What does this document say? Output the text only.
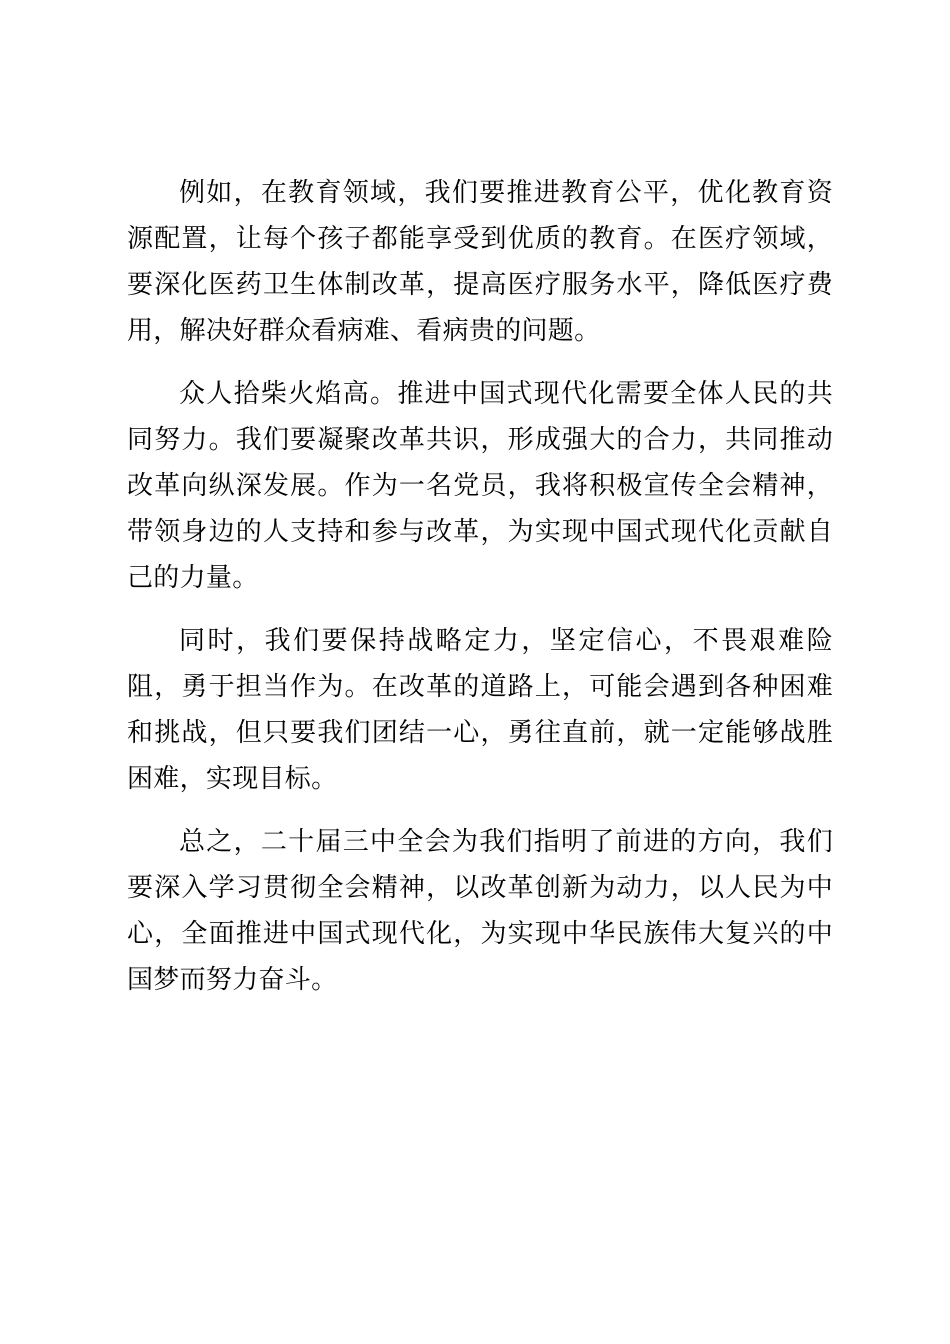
例如，在教育领域，我们要推进教育公平，优化教育资源配置，让每个孩子都能享受到优质的教育。在医疗领域，要深化医药卫生体制改革，提高医疗服务水平，降低医疗费用，解决好群众看病难、看病贵的问题。

众人拾柴火焰高。推进中国式现代化需要全体人民的共同努力。我们要凝聚改革共识，形成强大的合力，共同推动改革向纵深发展。作为一名党员，我将积极宣传全会精神，带领身边的人支持和参与改革，为实现中国式现代化贡献自己的力量。

同时，我们要保持战略定力，坚定信心，不畏艰难险阻，勇于担当作为。在改革的道路上，可能会遇到各种困难和挑战，但只要我们团结一心，勇往直前，就一定能够战胜困难，实现目标。

总之，二十届三中全会为我们指明了前进的方向，我们要深入学习贯彻全会精神，以改革创新为动力，以人民为中心，全面推进中国式现代化，为实现中华民族伟大复兴的中国梦而努力奋斗。
